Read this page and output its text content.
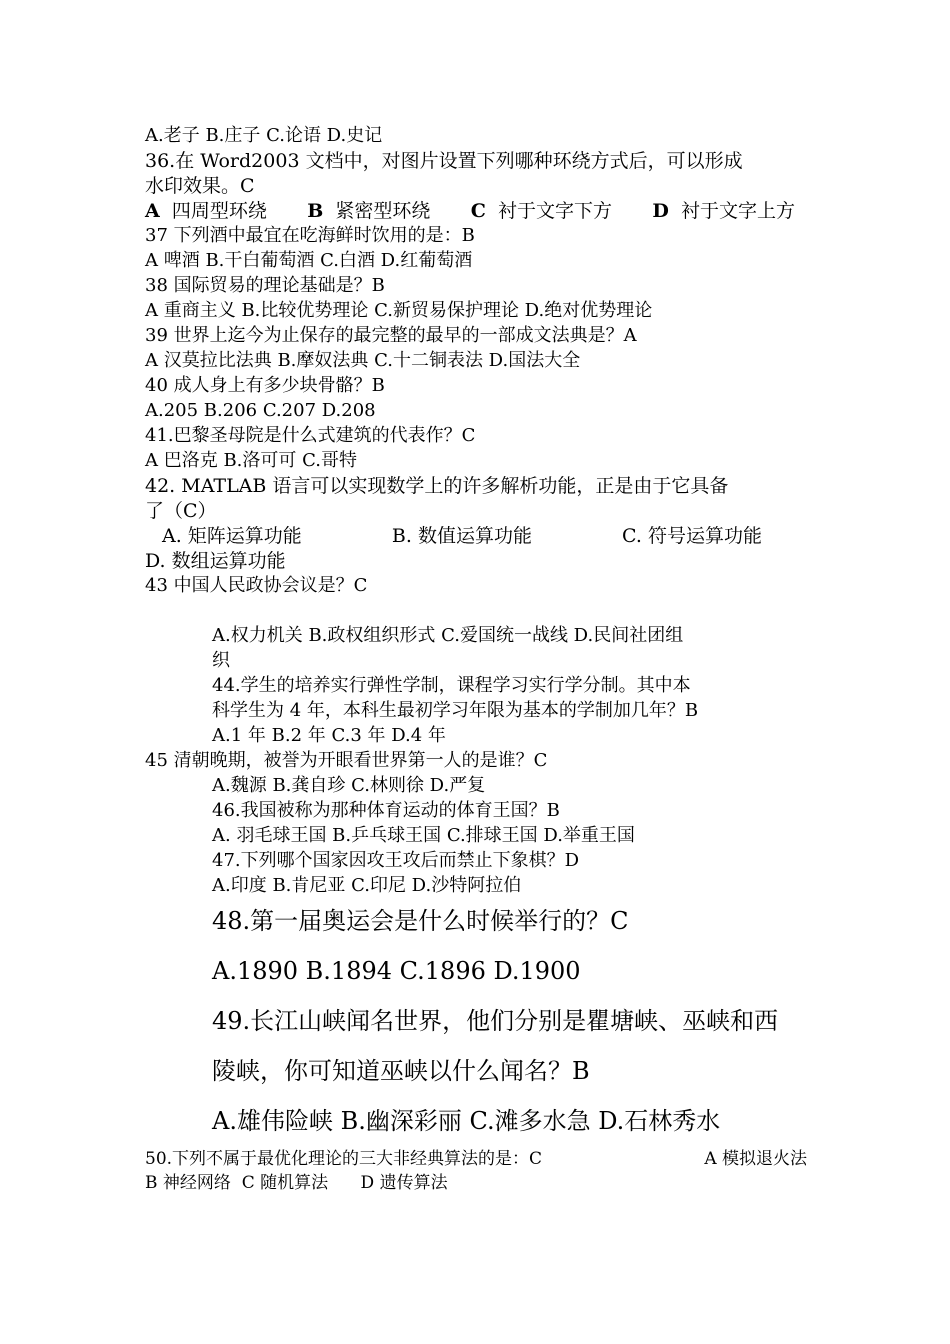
A.老子 B.庄子 C.论语 D.史记
36.在 Word2003 文档中，对图片设置下列哪种环绕方式后，可以形成
水印效果。C
A 四周型环绕 B 紧密型环绕 C 衬于文字下方 D 衬于文字上方
37 下列酒中最宜在吃海鲜时饮用的是：B
A 啤酒 B.干白葡萄酒 C.白酒 D.红葡萄酒
38 国际贸易的理论基础是？B
A 重商主义 B.比较优势理论 C.新贸易保护理论 D.绝对优势理论
39 世界上迄今为止保存的最完整的最早的一部成文法典是？A
A 汉莫拉比法典 B.摩奴法典 C.十二铜表法 D.国法大全
40 成人身上有多少块骨骼？B
A.205 B.206 C.207 D.208
41.巴黎圣母院是什么式建筑的代表作？C
A 巴洛克 B.洛可可 C.哥特
42. MATLAB 语言可以实现数学上的许多解析功能，正是由于它具备
了（C）
A. 矩阵运算功能	B. 数值运算功能	C. 符号运算功能
D. 数组运算功能
43 中国人民政协会议是？C
A.权力机关 B.政权组织形式 C.爱国统一战线 D.民间社团组
织
44.学生的培养实行弹性学制，课程学习实行学分制。其中本
科学生为 4 年，本科生最初学习年限为基本的学制加几年？B
A.1 年 B.2 年 C.3 年 D.4 年
45 清朝晚期，被誉为开眼看世界第一人的是谁？C
A.魏源 B.龚自珍 C.林则徐 D.严复
46.我国被称为那种体育运动的体育王国？B
A. 羽毛球王国 B.乒乓球王国 C.排球王国 D.举重王国
47.下列哪个国家因攻王攻后而禁止下象棋？D
A.印度 B.肯尼亚 C.印尼 D.沙特阿拉伯
48.第一届奥运会是什么时候举行的？C
A.1890 B.1894 C.1896 D.1900
49.长江山峡闻名世界，他们分别是瞿塘峡、巫峡和西
陵峡，你可知道巫峡以什么闻名？B
A.雄伟险峡 B.幽深彩丽 C.滩多水急 D.石林秀水
50.下列不属于最优化理论的三大非经典算法的是：C	A 模拟退火法
B 神经网络  C 随机算法      D 遗传算法
